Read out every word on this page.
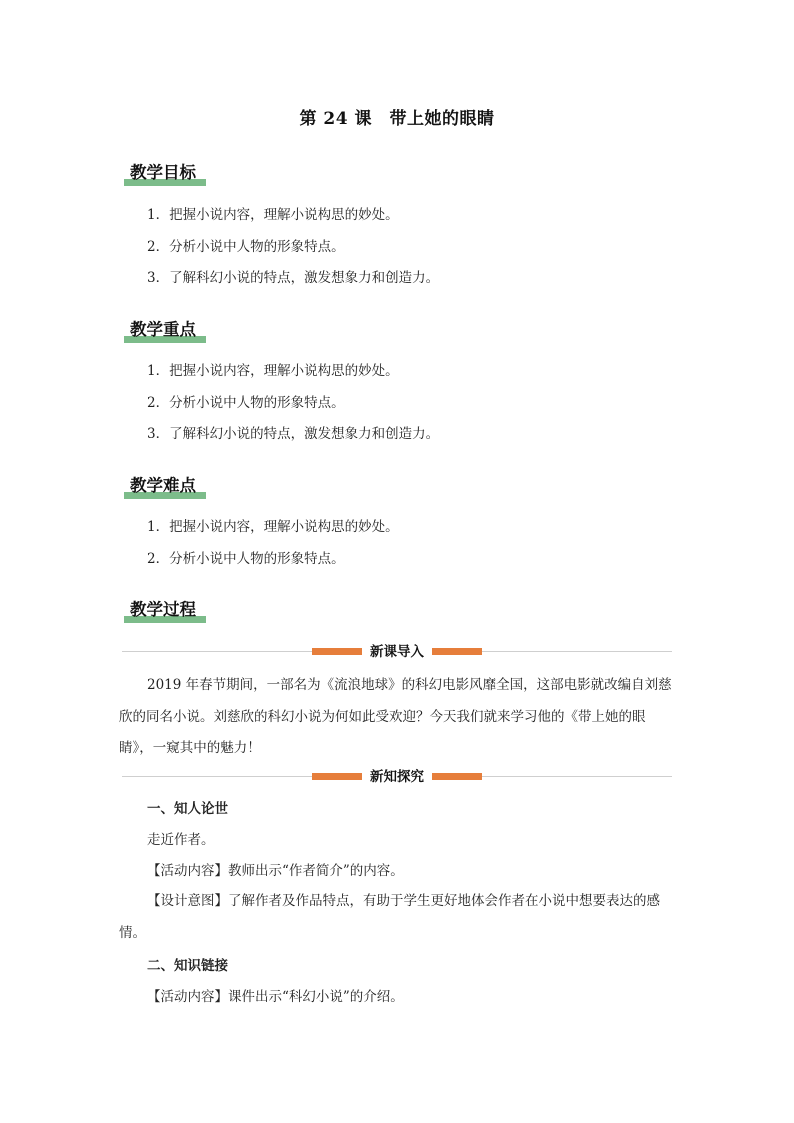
第 24 课　带上她的眼睛
教学目标
1．把握小说内容，理解小说构思的妙处。
2．分析小说中人物的形象特点。
3．了解科幻小说的特点，激发想象力和创造力。
教学重点
1．把握小说内容，理解小说构思的妙处。
2．分析小说中人物的形象特点。
3．了解科幻小说的特点，激发想象力和创造力。
教学难点
1．把握小说内容，理解小说构思的妙处。
2．分析小说中人物的形象特点。
教学过程
新课导入

2019 年春节期间，一部名为《流浪地球》的科幻电影风靡全国，这部电影就改编自刘慈欣的同名小说。刘慈欣的科幻小说为何如此受欢迎？今天我们就来学习他的《带上她的眼睛》，一窥其中的魅力！

新知探究
一、知人论世
走近作者。
【活动内容】教师出示“作者简介”的内容。

【设计意图】了解作者及作品特点，有助于学生更好地体会作者在小说中想要表达的感情。

二、知识链接
【活动内容】课件出示“科幻小说”的介绍。
